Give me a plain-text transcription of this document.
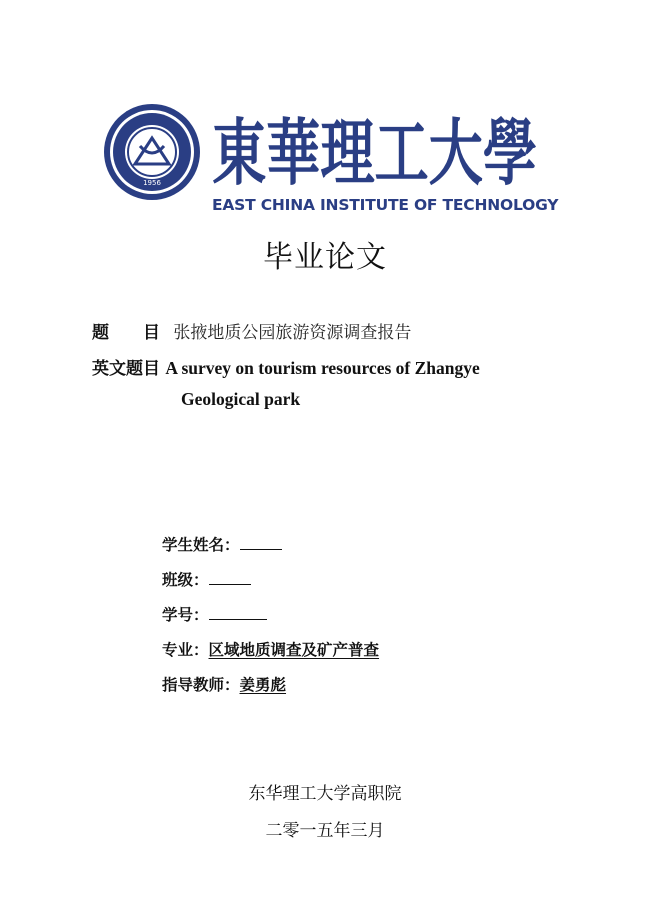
1956 東華理工大學
EAST CHINA INSTITUTE OF TECHNOLOGY
毕业论文
题　　目 张掖地质公园旅游资源调查报告
英文题目 A survey on tourism resources of Zhangye
Geological park
学生姓名：
班级：
学号：
专业：区域地质调查及矿产普查
指导教师：姜勇彪
东华理工大学高职院
二零一五年三月
